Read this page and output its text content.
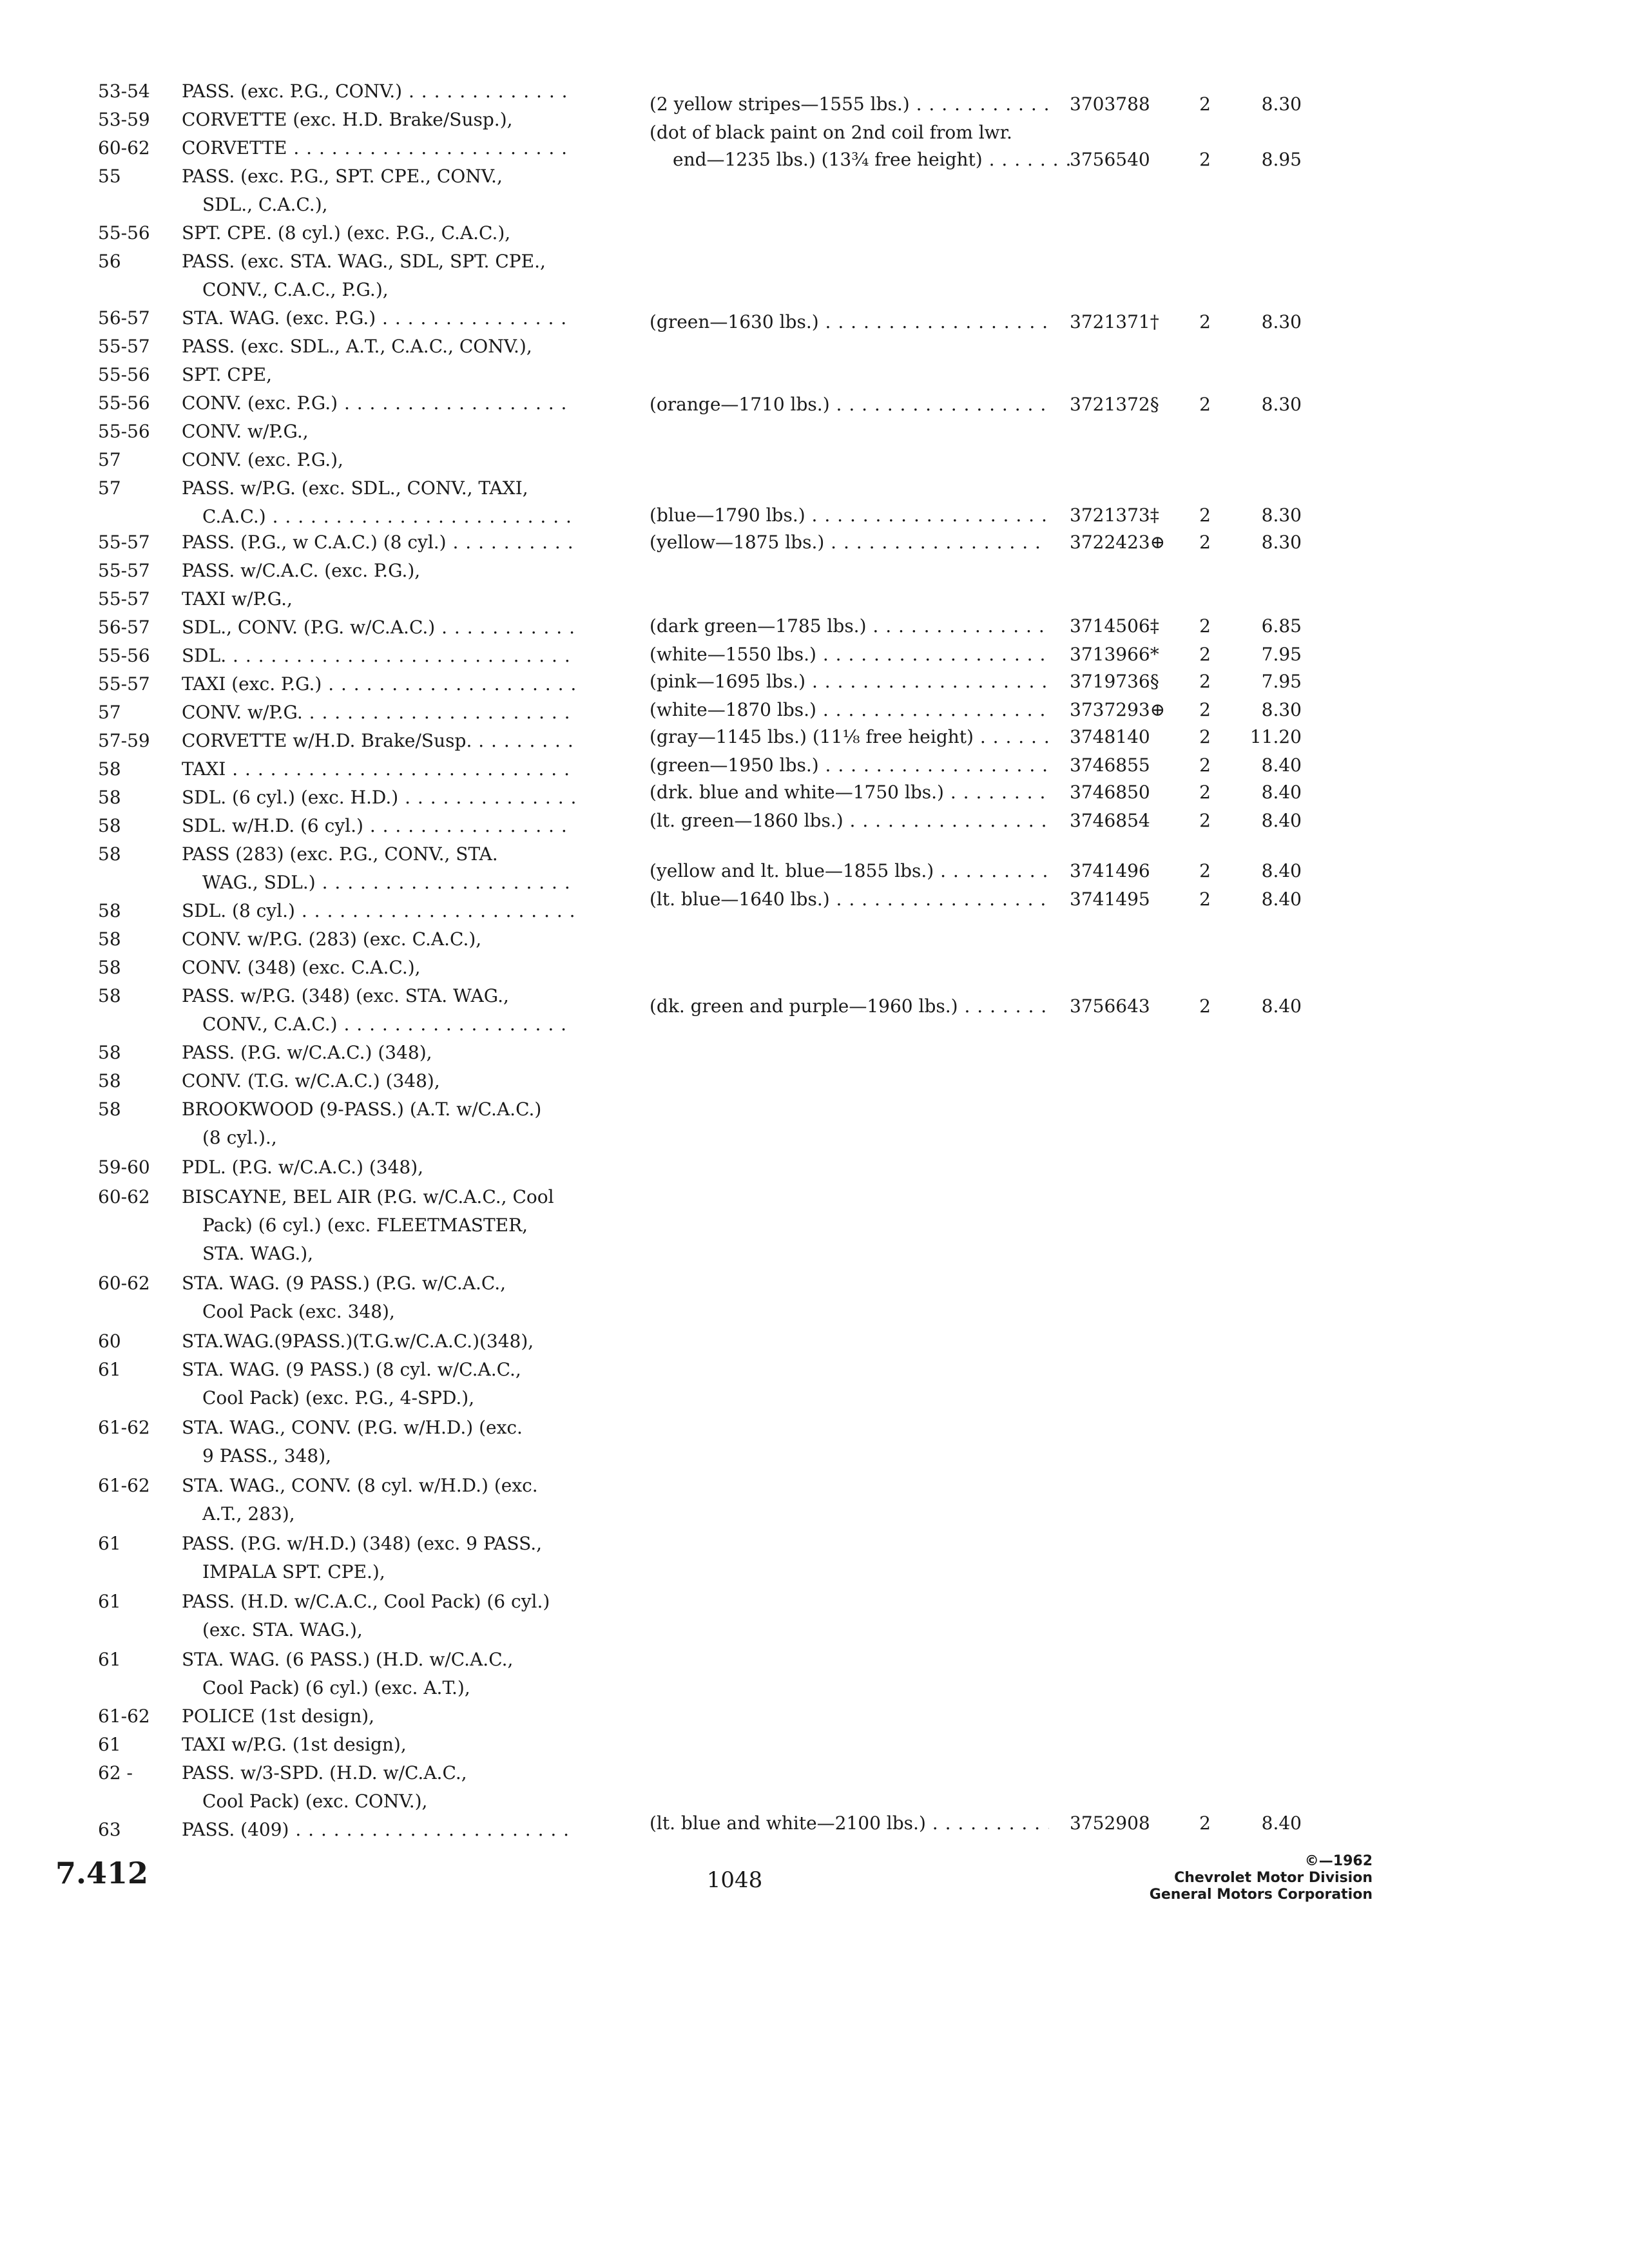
53-54	PASS. (exc. P.G., CONV.) . . .
53-59	CORVETTE (exc. H.D. Brake/Susp.),
60-62	CORVETTE . . .
55	PASS. (exc. P.G., SPT. CPE., CONV.,
SDL., C.A.C.),
55-56	SPT. CPE. (8 cyl.) (exc. P.G., C.A.C.),
56	PASS. (exc. STA. WAG., SDL, SPT. CPE.,
CONV., C.A.C., P.G.),
56-57	STA. WAG. (exc. P.G.) . . .
55-57	PASS. (exc. SDL., A.T., C.A.C., CONV.),
55-56	SPT. CPE,
55-56	CONV. (exc. P.G.) . . .
55-56	CONV. w/P.G.,
57	CONV. (exc. P.G.),
57	PASS. w/P.G. (exc. SDL., CONV., TAXI,
C.A.C.) . . .
55-57	PASS. (P.G., w C.A.C.) (8 cyl.) . . .
55-57	PASS. w/C.A.C. (exc. P.G.),
55-57	TAXI w/P.G.,
56-57	SDL., CONV. (P.G. w/C.A.C.) . . .
55-56	SDL. . . .
55-57	TAXI (exc. P.G.) . . .
57	CONV. w/P.G. . . .
57-59	CORVETTE w/H.D. Brake/Susp. . . .
58	TAXI . . .
58	SDL. (6 cyl.) (exc. H.D.) . . .
58	SDL. w/H.D. (6 cyl.) . . .
58	PASS (283) (exc. P.G., CONV., STA.
WAG., SDL.) . . .
58	SDL. (8 cyl.) . . .
58	CONV. w/P.G. (283) (exc. C.A.C.),
58	CONV. (348) (exc. C.A.C.),
58	PASS. w/P.G. (348) (exc. STA. WAG.,
CONV., C.A.C.) . . .
58	PASS. (P.G. w/C.A.C.) (348),
58	CONV. (T.G. w/C.A.C.) (348),
58	BROOKWOOD (9-PASS.) (A.T. w/C.A.C.)
(8 cyl.).,
59-60	PDL. (P.G. w/C.A.C.) (348),
60-62	BISCAYNE, BEL AIR (P.G. w/C.A.C., Cool
Pack) (6 cyl.) (exc. FLEETMASTER,
STA. WAG.),
60-62	STA. WAG. (9 PASS.) (P.G. w/C.A.C.,
Cool Pack (exc. 348),
60	STA.WAG.(9PASS.)(T.G.w/C.A.C.)(348),
61	STA. WAG. (9 PASS.) (8 cyl. w/C.A.C.,
Cool Pack) (exc. P.G., 4-SPD.),
61-62	STA. WAG., CONV. (P.G. w/H.D.) (exc.
9 PASS., 348),
61-62	STA. WAG., CONV. (8 cyl. w/H.D.) (exc.
A.T., 283),
61	PASS. (P.G. w/H.D.) (348) (exc. 9 PASS.,
IMPALA SPT. CPE.),
61	PASS. (H.D. w/C.A.C., Cool Pack) (6 cyl.)
(exc. STA. WAG.),
61	STA. WAG. (6 PASS.) (H.D. w/C.A.C.,
Cool Pack) (6 cyl.) (exc. A.T.),
61-62	POLICE (1st design),
61	TAXI w/P.G. (1st design),
62 -	PASS. w/3-SPD. (H.D. w/C.A.C.,
Cool Pack) (exc. CONV.),
63	PASS. (409) . . .
(2 yellow stripes—1555 lbs.) . . .	3703788	2	8.30
(dot of black paint on 2nd coil from lwr.
end—1235 lbs.) (13¾ free height) . . .	3756540	2	8.95
(green—1630 lbs.) . . .	3721371†	2	8.30
(orange—1710 lbs.) . . .	3721372§	2	8.30
(blue—1790 lbs.) . . .	3721373‡	2	8.30
(yellow—1875 lbs.) . . .	3722423⊕	2	8.30
(dark green—1785 lbs.) . . .	3714506‡	2	6.85
(white—1550 lbs.) . . .	3713966*	2	7.95
(pink—1695 lbs.) . . .	3719736§	2	7.95
(white—1870 lbs.) . . .	3737293⊕	2	8.30
(gray—1145 lbs.) (11⅛ free height) . . .	3748140	2	11.20
(green—1950 lbs.) . . .	3746855	2	8.40
(drk. blue and white—1750 lbs.) . . .	3746850	2	8.40
(lt. green—1860 lbs.) . . .	3746854	2	8.40
(yellow and lt. blue—1855 lbs.) . . .	3741496	2	8.40
(lt. blue—1640 lbs.) . . .	3741495	2	8.40
(dk. green and purple—1960 lbs.) . . .	3756643	2	8.40
(lt. blue and white—2100 lbs.) . . .	3752908	2	8.40
7.412	1048
©—1962
Chevrolet Motor Division
General Motors Corporation
